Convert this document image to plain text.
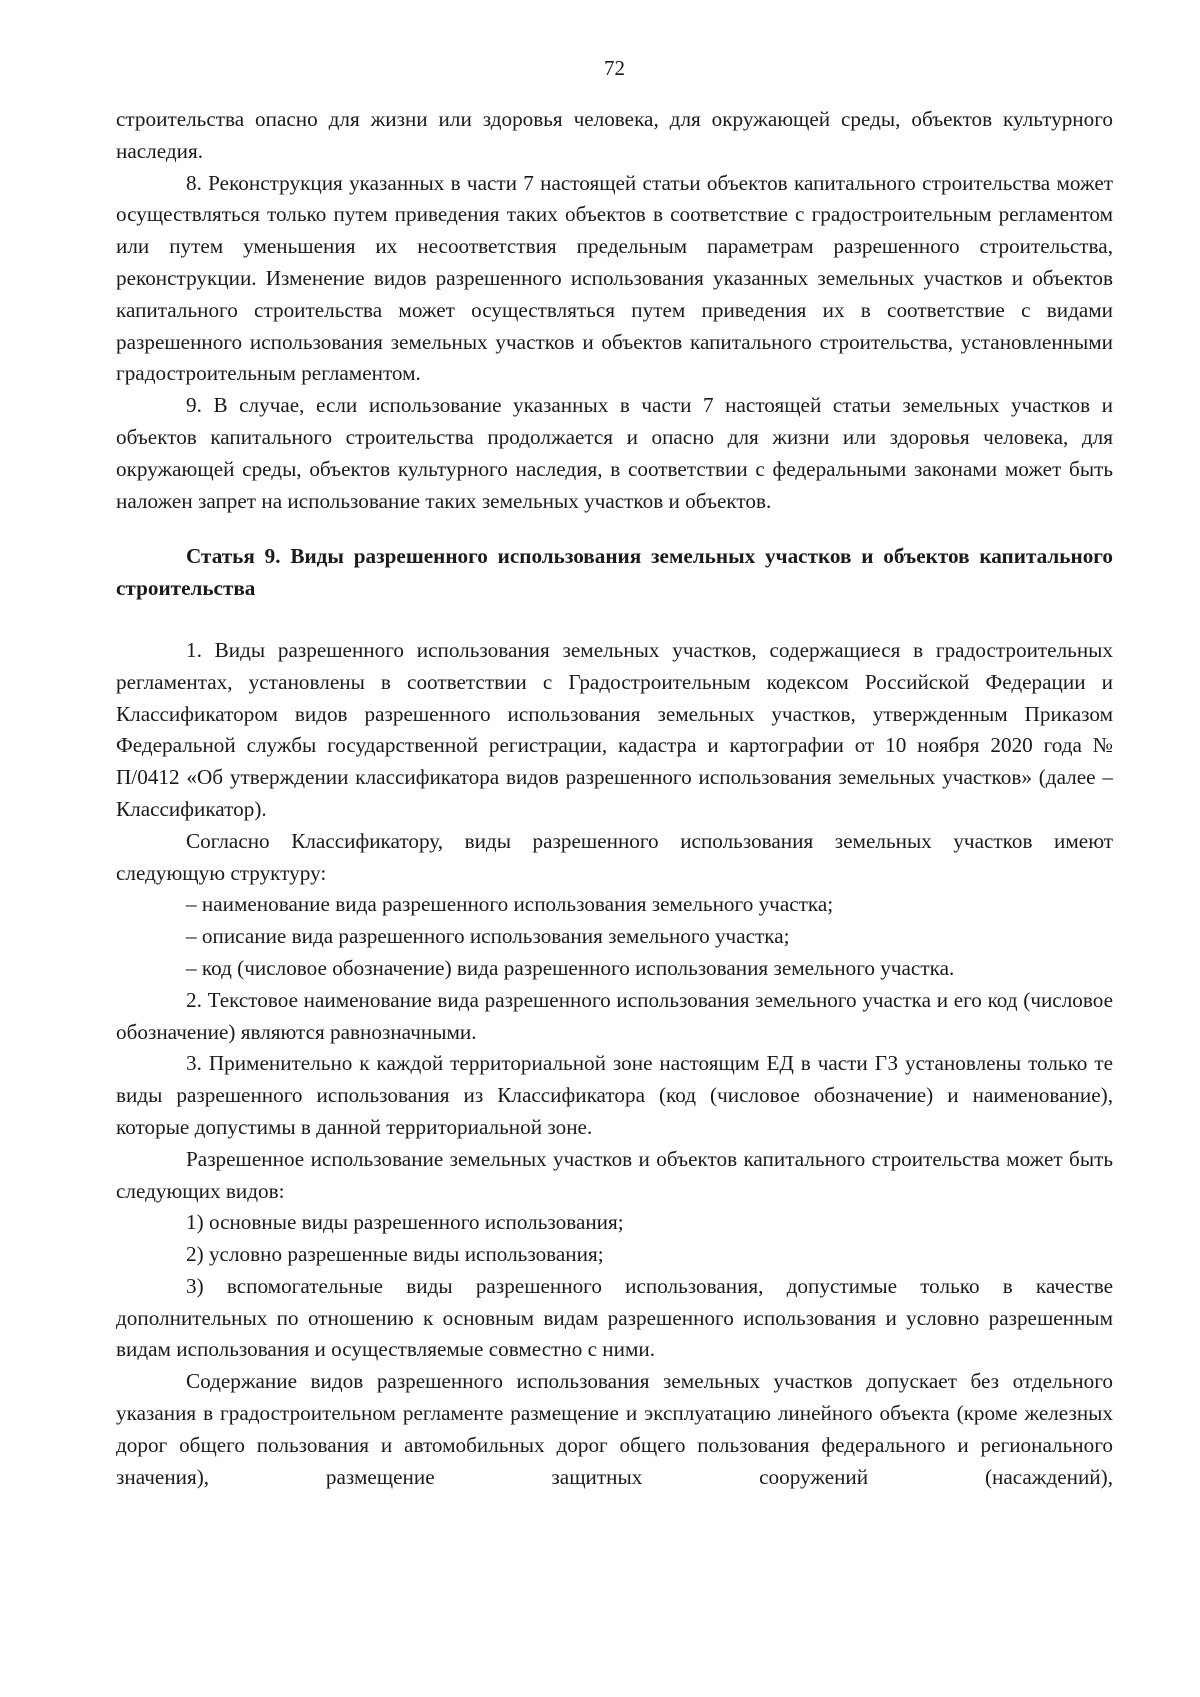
72

строительства опасно для жизни или здоровья человека, для окружающей среды, объектов культурного наследия.

8. Реконструкция указанных в части 7 настоящей статьи объектов капитального строительства может осуществляться только путем приведения таких объектов в соответствие с градостроительным регламентом или путем уменьшения их несоответствия предельным параметрам разрешенного строительства, реконструкции. Изменение видов разрешенного использования указанных земельных участков и объектов капитального строительства может осуществляться путем приведения их в соответствие с видами разрешенного использования земельных участков и объектов капитального строительства, установленными градостроительным регламентом.

9. В случае, если использование указанных в части 7 настоящей статьи земельных участков и объектов капитального строительства продолжается и опасно для жизни или здоровья человека, для окружающей среды, объектов культурного наследия, в соответствии с федеральными законами может быть наложен запрет на использование таких земельных участков и объектов.

Статья 9. Виды разрешенного использования земельных участков и объектов капитального строительства

1. Виды разрешенного использования земельных участков, содержащиеся в градостроительных регламентах, установлены в соответствии с Градостроительным кодексом Российской Федерации и Классификатором видов разрешенного использования земельных участков, утвержденным Приказом Федеральной службы государственной регистрации, кадастра и картографии от 10 ноября 2020 года № П/0412 «Об утверждении классификатора видов разрешенного использования земельных участков» (далее – Классификатор).

Согласно Классификатору, виды разрешенного использования земельных участков имеют следующую структуру:

– наименование вида разрешенного использования земельного участка;

– описание вида разрешенного использования земельного участка;

– код (числовое обозначение) вида разрешенного использования земельного участка.

2. Текстовое наименование вида разрешенного использования земельного участка и его код (числовое обозначение) являются равнозначными.

3. Применительно к каждой территориальной зоне настоящим ЕД в части ГЗ установлены только те виды разрешенного использования из Классификатора (код (числовое обозначение) и наименование), которые допустимы в данной территориальной зоне.

Разрешенное использование земельных участков и объектов капитального строительства может быть следующих видов:

1) основные виды разрешенного использования;

2) условно разрешенные виды использования;

3) вспомогательные виды разрешенного использования, допустимые только в качестве дополнительных по отношению к основным видам разрешенного использования и условно разрешенным видам использования и осуществляемые совместно с ними.

Содержание видов разрешенного использования земельных участков допускает без отдельного указания в градостроительном регламенте размещение и эксплуатацию линейного объекта (кроме железных дорог общего пользования и автомобильных дорог общего пользования федерального и регионального значения), размещение защитных сооружений (насаждений),
